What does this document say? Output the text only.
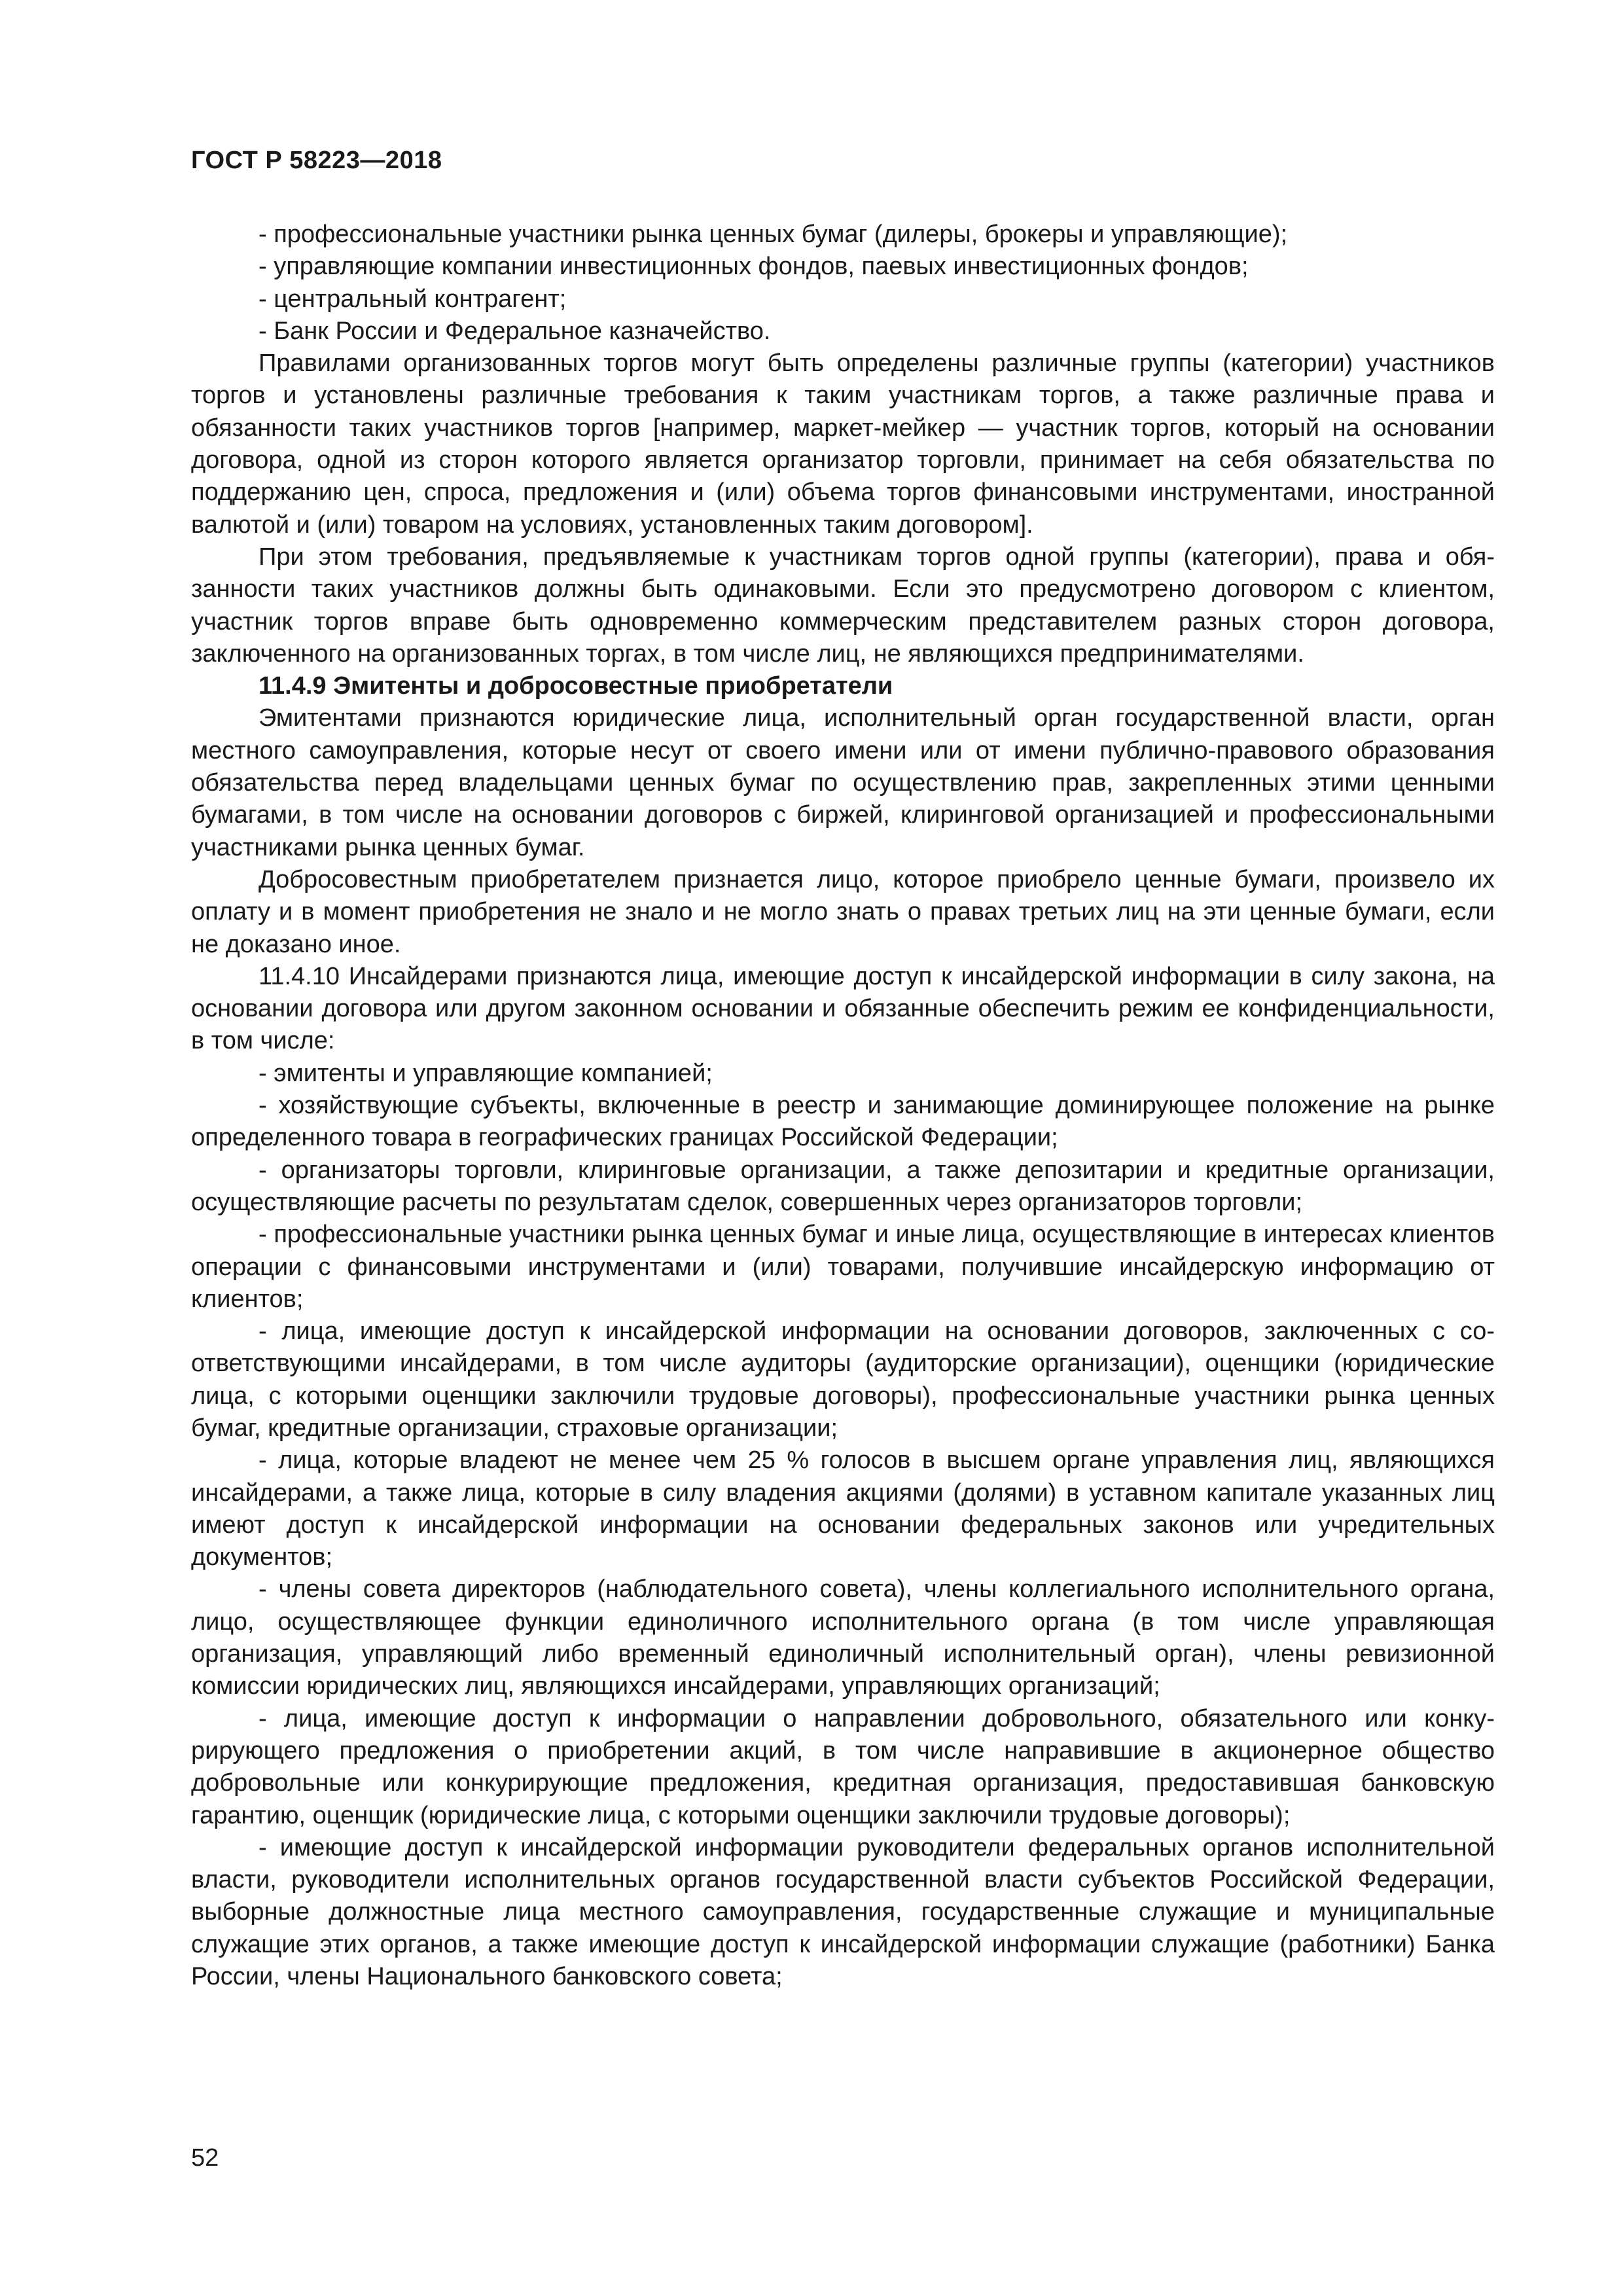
ГОСТ Р 58223—2018

- профессиональные участники рынка ценных бумаг (дилеры, брокеры и управляющие);

- управляющие компании инвестиционных фондов, паевых инвестиционных фондов;

- центральный контрагент;

- Банк России и Федеральное казначейство.

Правилами организованных торгов могут быть определены различные группы (категории) участников торгов и установлены различные требования к таким участникам торгов, а также различные права и обязанности таких участников торгов [например, маркет-мейкер — участник торгов, который на основании договора, одной из сторон которого является организатор торговли, принимает на себя обязательства по поддержанию цен, спроса, предложения и (или) объема торгов финансовыми инструментами, иностранной валютой и (или) товаром на условиях, установленных таким договором].

При этом требования, предъявляемые к участникам торгов одной группы (категории), права и обязанности таких участников должны быть одинаковыми. Если это предусмотрено договором с клиентом, участник торгов вправе быть одновременно коммерческим представителем разных сторон договора, заключенного на организованных торгах, в том числе лиц, не являющихся предпринимателями.

11.4.9 Эмитенты и добросовестные приобретатели

Эмитентами признаются юридические лица, исполнительный орган государственной власти, орган местного самоуправления, которые несут от своего имени или от имени публично-правового образования обязательства перед владельцами ценных бумаг по осуществлению прав, закрепленных этими ценными бумагами, в том числе на основании договоров с биржей, клиринговой организацией и профессиональными участниками рынка ценных бумаг.

Добросовестным приобретателем признается лицо, которое приобрело ценные бумаги, произвело их оплату и в момент приобретения не знало и не могло знать о правах третьих лиц на эти ценные бумаги, если не доказано иное.

11.4.10 Инсайдерами признаются лица, имеющие доступ к инсайдерской информации в силу закона, на основании договора или другом законном основании и обязанные обеспечить режим ее конфиденциальности, в том числе:

- эмитенты и управляющие компанией;

- хозяйствующие субъекты, включенные в реестр и занимающие доминирующее положение на рынке определенного товара в географических границах Российской Федерации;

- организаторы торговли, клиринговые организации, а также депозитарии и кредитные организации, осуществляющие расчеты по результатам сделок, совершенных через организаторов торговли;

- профессиональные участники рынка ценных бумаг и иные лица, осуществляющие в интересах клиентов операции с финансовыми инструментами и (или) товарами, получившие инсайдерскую информацию от клиентов;

- лица, имеющие доступ к инсайдерской информации на основании договоров, заключенных с соответствующими инсайдерами, в том числе аудиторы (аудиторские организации), оценщики (юридические лица, с которыми оценщики заключили трудовые договоры), профессиональные участники рынка ценных бумаг, кредитные организации, страховые организации;

- лица, которые владеют не менее чем 25 % голосов в высшем органе управления лиц, являющихся инсайдерами, а также лица, которые в силу владения акциями (долями) в уставном капитале указанных лиц имеют доступ к инсайдерской информации на основании федеральных законов или учредительных документов;

- члены совета директоров (наблюдательного совета), члены коллегиального исполнительного органа, лицо, осуществляющее функции единоличного исполнительного органа (в том числе управляющая организация, управляющий либо временный единоличный исполнительный орган), члены ревизионной комиссии юридических лиц, являющихся инсайдерами, управляющих организаций;

- лица, имеющие доступ к информации о направлении добровольного, обязательного или конкурирующего предложения о приобретении акций, в том числе направившие в акционерное общество добровольные или конкурирующие предложения, кредитная организация, предоставившая банковскую гарантию, оценщик (юридические лица, с которыми оценщики заключили трудовые договоры);

- имеющие доступ к инсайдерской информации руководители федеральных органов исполнительной власти, руководители исполнительных органов государственной власти субъектов Российской Федерации, выборные должностные лица местного самоуправления, государственные служащие и муниципальные служащие этих органов, а также имеющие доступ к инсайдерской информации служащие (работники) Банка России, члены Национального банковского совета;

52
